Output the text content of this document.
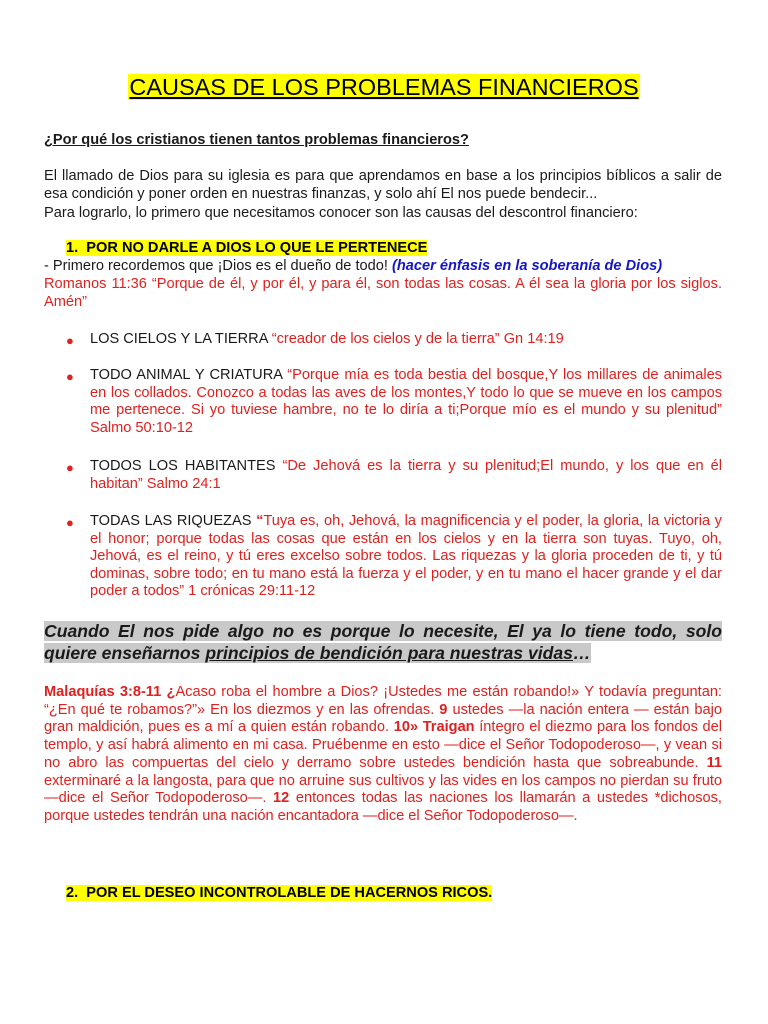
CAUSAS DE LOS PROBLEMAS FINANCIEROS
¿Por qué los cristianos tienen tantos problemas financieros?
El llamado de Dios para su iglesia es para que aprendamos en base a los principios bíblicos a salir de esa condición y poner orden en nuestras finanzas, y solo ahí El nos puede bendecir...
Para lograrlo, lo primero que necesitamos conocer son las causas del descontrol financiero:
1. POR NO DARLE A DIOS LO QUE LE PERTENECE
- Primero recordemos que ¡Dios es el dueño de todo! (hacer énfasis en la soberanía de Dios)
Romanos 11:36 “Porque de él, y por él, y para él, son todas las cosas. A él sea la gloria por los siglos. Amén”
● LOS CIELOS Y LA TIERRA “creador de los cielos y de la tierra” Gn 14:19
● TODO ANIMAL Y CRIATURA “Porque mía es toda bestia del bosque,Y los millares de animales en los collados. Conozco a todas las aves de los montes,Y todo lo que se mueve en los campos me pertenece. Si yo tuviese hambre, no te lo diría a ti;Porque mío es el mundo y su plenitud” Salmo 50:10-12
● TODOS LOS HABITANTES “De Jehová es la tierra y su plenitud;El mundo, y los que en él habitan” Salmo 24:1
● TODAS LAS RIQUEZAS “Tuya es, oh, Jehová, la magnificencia y el poder, la gloria, la victoria y el honor; porque todas las cosas que están en los cielos y en la tierra son tuyas. Tuyo, oh, Jehová, es el reino, y tú eres excelso sobre todos. Las riquezas y la gloria proceden de ti, y tú dominas, sobre todo; en tu mano está la fuerza y el poder, y en tu mano el hacer grande y el dar poder a todos” 1 crónicas 29:11-12
Cuando El nos pide algo no es porque lo necesite, El ya lo tiene todo, solo quiere enseñarnos principios de bendición para nuestras vidas…
Malaquías 3:8-11 ¿Acaso roba el hombre a Dios? ¡Ustedes me están robando!» Y todavía preguntan: “¿En qué te robamos?”» En los diezmos y en las ofrendas. 9 ustedes —la nación entera — están bajo gran maldición, pues es a mí a quien están robando. 10» Traigan íntegro el diezmo para los fondos del templo, y así habrá alimento en mi casa. Pruébenme en esto —dice el Señor Todopoderoso—, y vean si no abro las compuertas del cielo y derramo sobre ustedes bendición hasta que sobreabunde. 11 exterminaré a la langosta, para que no arruine sus cultivos y las vides en los campos no pierdan su fruto —dice el Señor Todopoderoso—. 12 entonces todas las naciones los llamarán a ustedes *dichosos, porque ustedes tendrán una nación encantadora —dice el Señor Todopoderoso—.
2. POR EL DESEO INCONTROLABLE DE HACERNOS RICOS.
